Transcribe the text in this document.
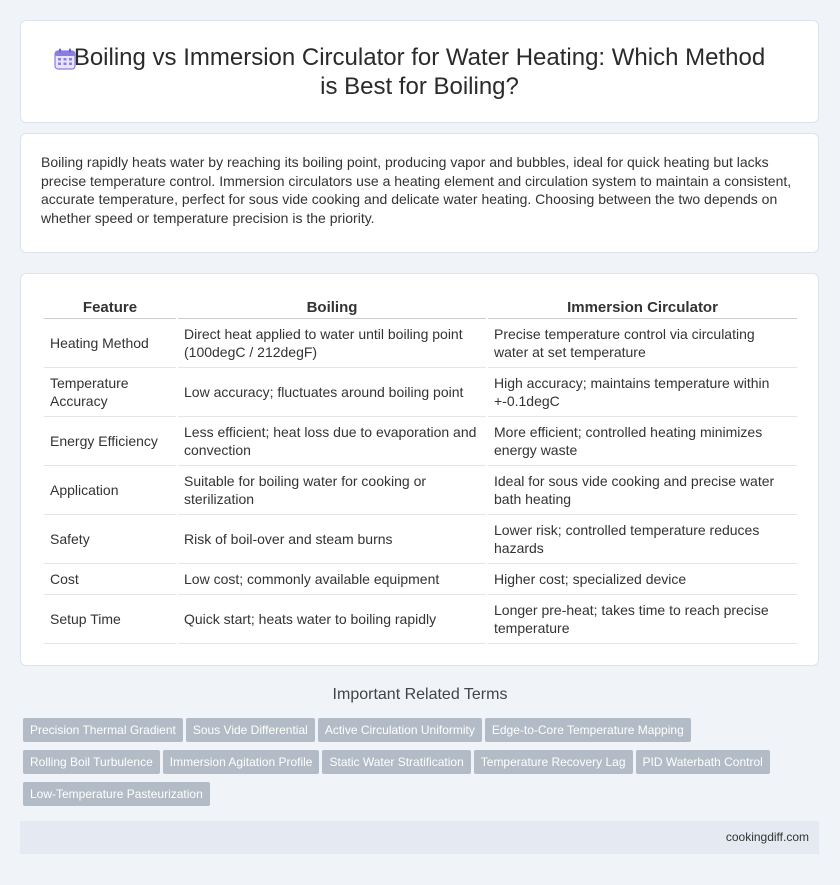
Boiling vs Immersion Circulator for Water Heating: Which Method is Best for Boiling?

Boiling rapidly heats water by reaching its boiling point, producing vapor and bubbles, ideal for quick heating but lacks precise temperature control. Immersion circulators use a heating element and circulation system to maintain a consistent, accurate temperature, perfect for sous vide cooking and delicate water heating. Choosing between the two depends on whether speed or temperature precision is the priority.

Feature	Boiling	Immersion Circulator
Heating Method	Direct heat applied to water until boiling point (100degC / 212degF)	Precise temperature control via circulating water at set temperature
Temperature Accuracy	Low accuracy; fluctuates around boiling point	High accuracy; maintains temperature within +-0.1degC
Energy Efficiency	Less efficient; heat loss due to evaporation and convection	More efficient; controlled heating minimizes energy waste
Application	Suitable for boiling water for cooking or sterilization	Ideal for sous vide cooking and precise water bath heating
Safety	Risk of boil-over and steam burns	Lower risk; controlled temperature reduces hazards
Cost	Low cost; commonly available equipment	Higher cost; specialized device
Setup Time	Quick start; heats water to boiling rapidly	Longer pre-heat; takes time to reach precise temperature
Important Related Terms
Precision Thermal Gradient Sous Vide Differential Active Circulation Uniformity Edge-to-Core Temperature Mapping Rolling Boil Turbulence Immersion Agitation Profile Static Water Stratification Temperature Recovery Lag PID Waterbath Control Low-Temperature Pasteurization
cookingdiff.com
